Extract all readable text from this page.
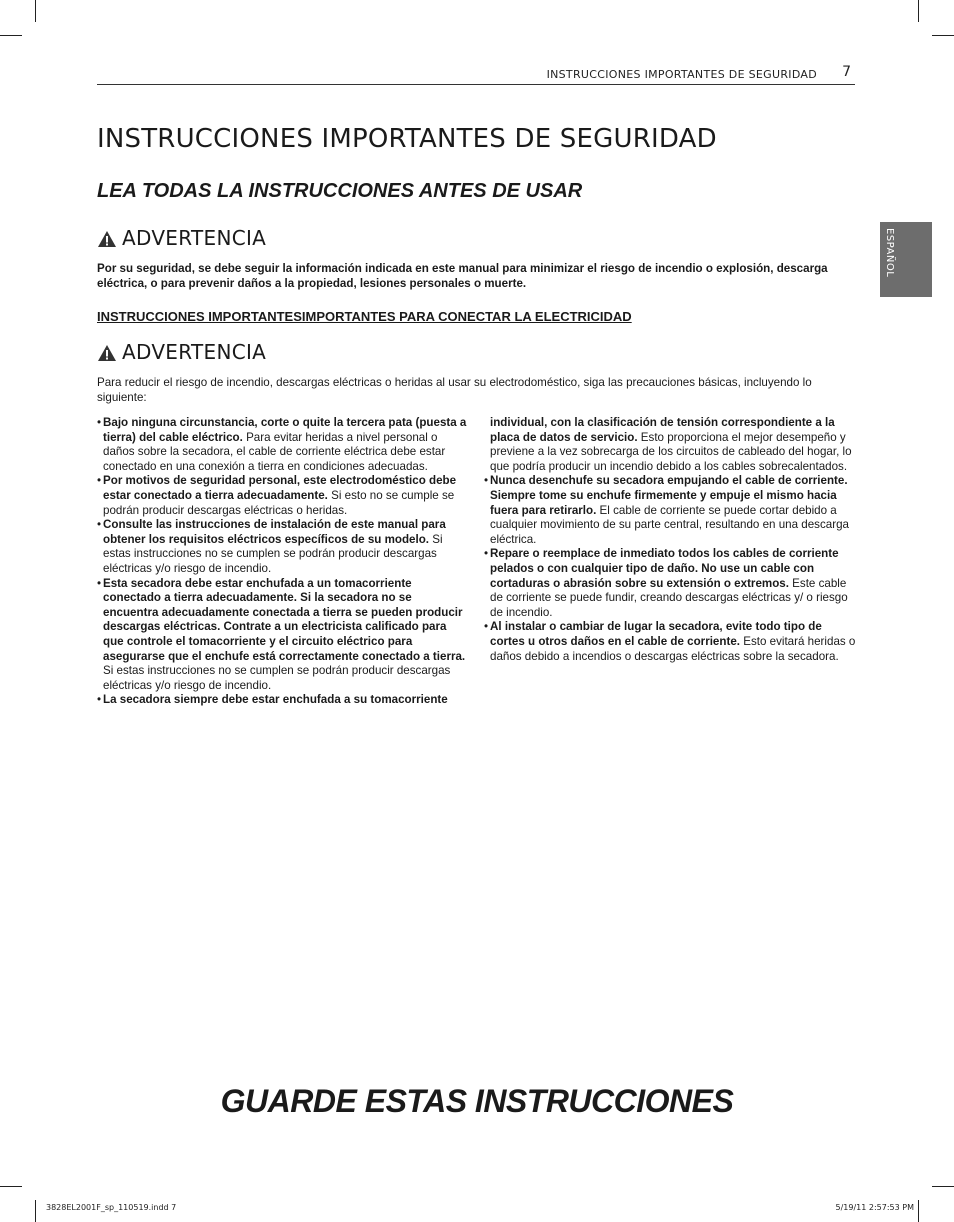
INSTRUCCIONES IMPORTANTES DE SEGURIDAD 7
ESPAÑOL
INSTRUCCIONES IMPORTANTES DE SEGURIDAD
LEA TODAS LA INSTRUCCIONES ANTES DE USAR
ADVERTENCIA

Por su seguridad, se debe seguir la información indicada en este manual para minimizar el riesgo de incendio o explosión, descarga eléctrica, o para prevenir daños a la propiedad, lesiones personales o muerte.

INSTRUCCIONES IMPORTANTESIMPORTANTES PARA CONECTAR LA ELECTRICIDAD

ADVERTENCIA

Para reducir el riesgo de incendio, descargas eléctricas o heridas al usar su electrodoméstico, siga las precauciones básicas, incluyendo lo siguiente:

• Bajo ninguna circunstancia, corte o quite la tercera pata (puesta a tierra) del cable eléctrico. Para evitar heridas a nivel personal o daños sobre la secadora, el cable de corriente eléctrica debe estar conectado en una conexión a tierra en condiciones adecuadas.

• Por motivos de seguridad personal, este electrodoméstico debe estar conectado a tierra adecuadamente. Si esto no se cumple se podrán producir descargas eléctricas o heridas.

• Consulte las instrucciones de instalación de este manual para obtener los requisitos eléctricos específicos de su modelo. Si estas instrucciones no se cumplen se podrán producir descargas eléctricas y/o riesgo de incendio.

• Esta secadora debe estar enchufada a un tomacorriente conectado a tierra adecuadamente. Si la secadora no se encuentra adecuadamente conectada a tierra se pueden producir descargas eléctricas. Contrate a un electricista calificado para que controle el tomacorriente y el circuito eléctrico para asegurarse que el enchufe está correctamente conectado a tierra. Si estas instrucciones no se cumplen se podrán producir descargas eléctricas y/o riesgo de incendio.

• La secadora siempre debe estar enchufada a su tomacorriente

individual, con la clasificación de tensión correspondiente a la placa de datos de servicio. Esto proporciona el mejor desempeño y previene a la vez sobrecarga de los circuitos de cableado del hogar, lo que podría producir un incendio debido a los cables sobrecalentados.

• Nunca desenchufe su secadora empujando el cable de corriente. Siempre tome su enchufe firmemente y empuje el mismo hacia fuera para retirarlo. El cable de corriente se puede cortar debido a cualquier movimiento de su parte central, resultando en una descarga eléctrica.

• Repare o reemplace de inmediato todos los cables de corriente pelados o con cualquier tipo de daño. No use un cable con cortaduras o abrasión sobre su extensión o extremos. Este cable de corriente se puede fundir, creando descargas eléctricas y/ o riesgo de incendio.

• Al instalar o cambiar de lugar la secadora, evite todo tipo de cortes u otros daños en el cable de corriente. Esto evitará heridas o daños debido a incendios o descargas eléctricas sobre la secadora.

GUARDE ESTAS INSTRUCCIONES
3828EL2001F_sp_110519.indd 7	5/19/11 2:57:53 PM
